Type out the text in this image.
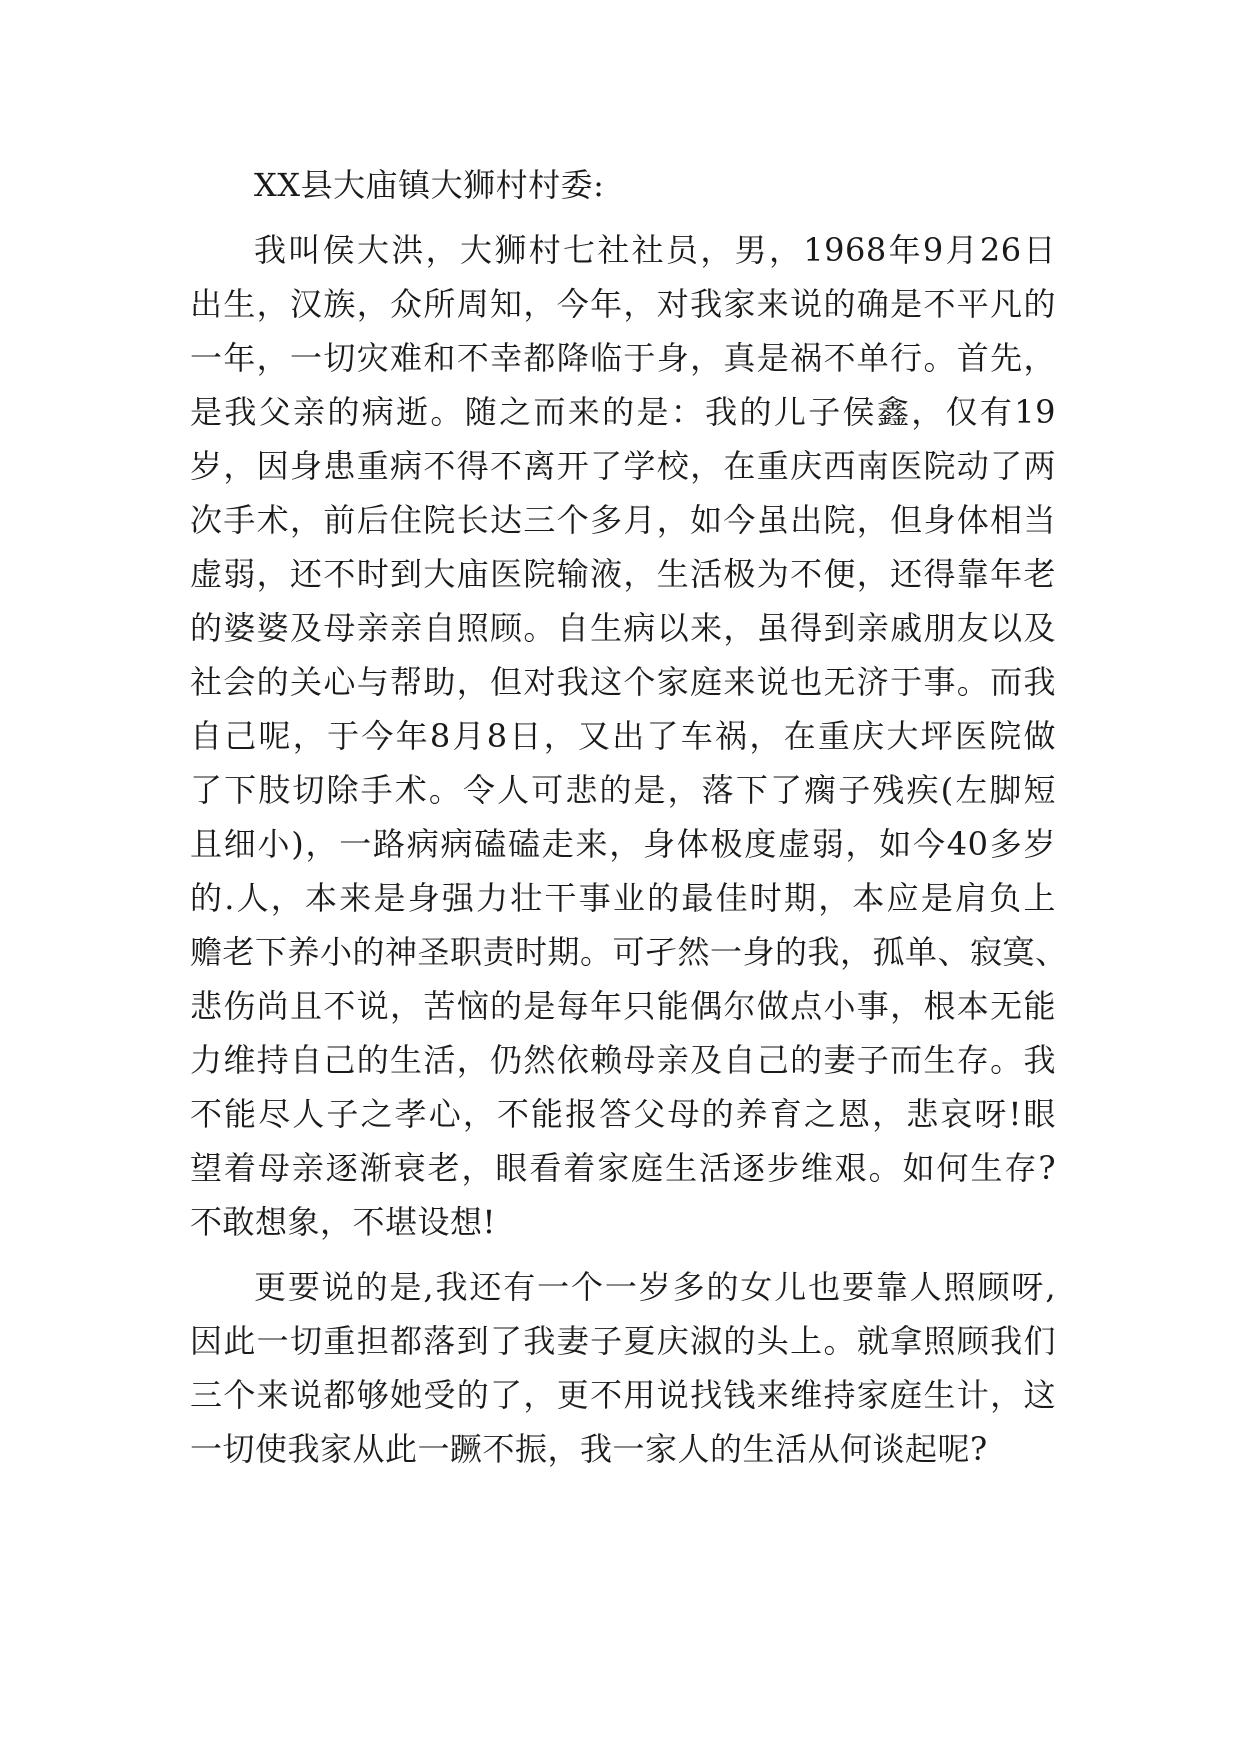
XX县大庙镇大狮村村委:
我叫侯大洪，大狮村七社社员，男，1968年9月26日
出生，汉族，众所周知，今年，对我家来说的确是不平凡的
一年，一切灾难和不幸都降临于身，真是祸不单行。首先，
是我父亲的病逝。随之而来的是：我的儿子侯鑫，仅有19
岁，因身患重病不得不离开了学校，在重庆西南医院动了两
次手术，前后住院长达三个多月，如今虽出院，但身体相当
虚弱，还不时到大庙医院输液，生活极为不便，还得靠年老
的婆婆及母亲亲自照顾。自生病以来，虽得到亲戚朋友以及
社会的关心与帮助，但对我这个家庭来说也无济于事。而我
自己呢，于今年8月8日，又出了车祸，在重庆大坪医院做
了下肢切除手术。令人可悲的是，落下了瘸子残疾(左脚短
且细小)，一路病病磕磕走来，身体极度虚弱，如今40多岁
的.人，本来是身强力壮干事业的最佳时期，本应是肩负上
赡老下养小的神圣职责时期。可孑然一身的我，孤单、寂寞、
悲伤尚且不说，苦恼的是每年只能偶尔做点小事，根本无能
力维持自己的生活，仍然依赖母亲及自己的妻子而生存。我
不能尽人子之孝心，不能报答父母的养育之恩，悲哀呀!眼
望着母亲逐渐衰老，眼看着家庭生活逐步维艰。如何生存?
不敢想象，不堪设想!
更要说的是,我还有一个一岁多的女儿也要靠人照顾呀,
因此一切重担都落到了我妻子夏庆淑的头上。就拿照顾我们
三个来说都够她受的了，更不用说找钱来维持家庭生计，这
一切使我家从此一蹶不振，我一家人的生活从何谈起呢?
